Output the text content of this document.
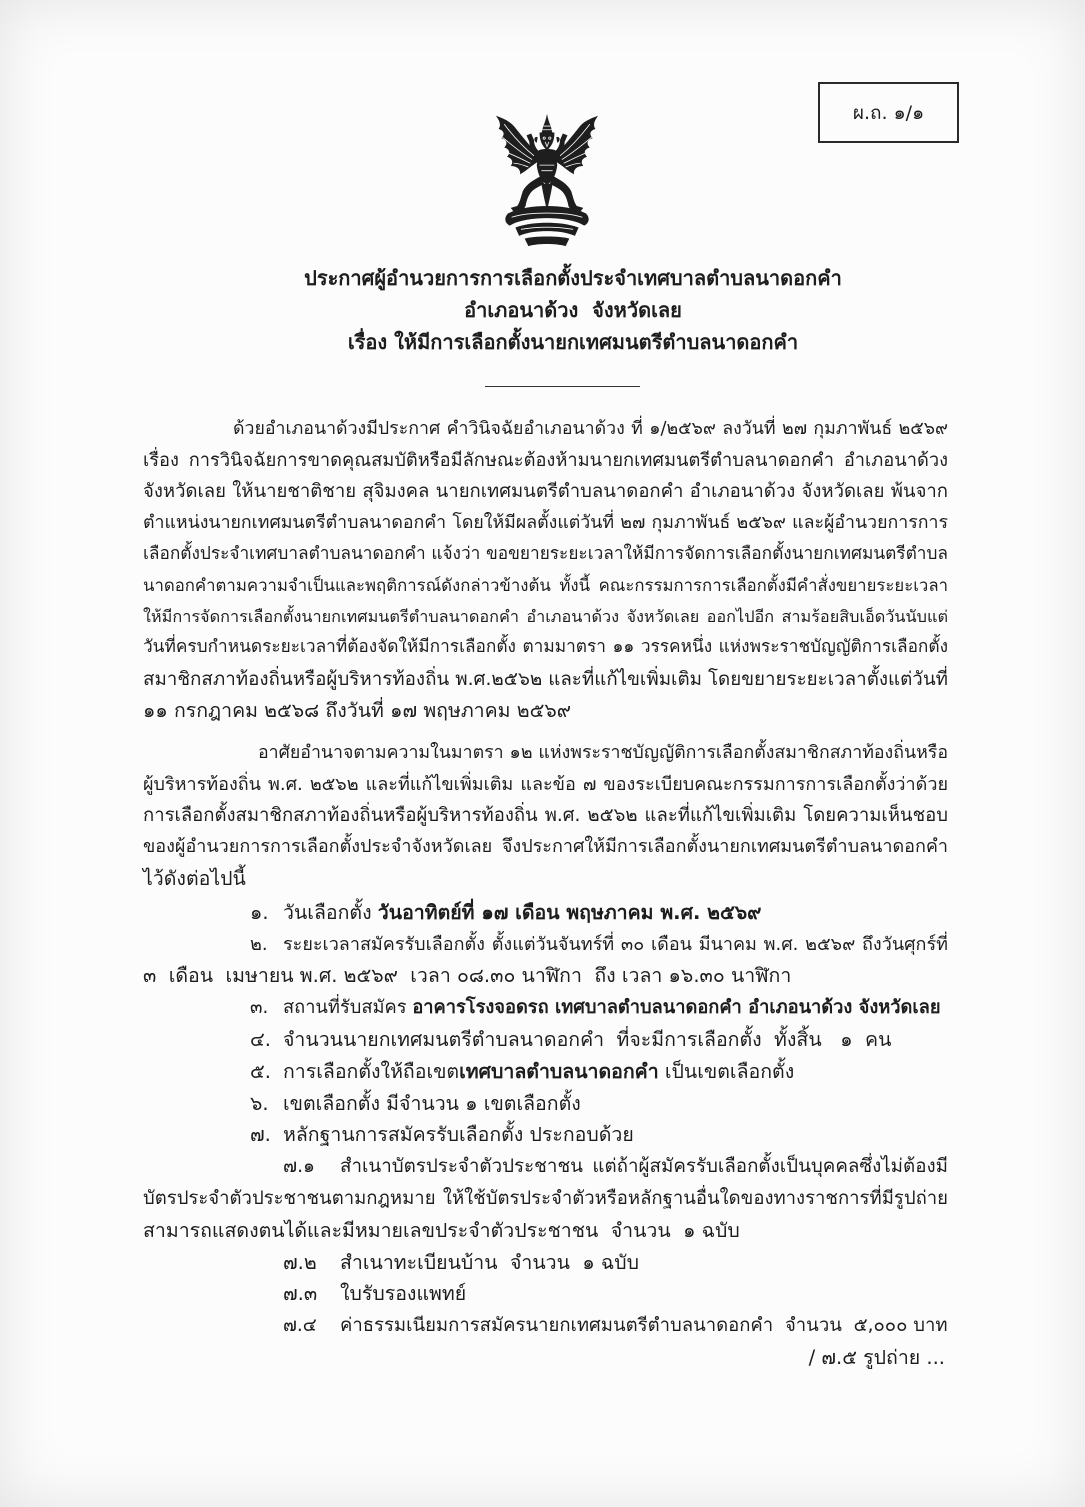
ผ.ถ. ๑/๑
ประกาศผู้อำนวยการการเลือกตั้งประจำเทศบาลตำบลนาดอกคำ
อำเภอนาด้วง  จังหวัดเลย
เรื่อง ให้มีการเลือกตั้งนายกเทศมนตรีตำบลนาดอกคำ
ด้วยอำเภอนาด้วงมีประกาศ คำวินิจฉัยอำเภอนาด้วง ที่ ๑/๒๕๖๙ ลงวันที่ ๒๗ กุมภาพันธ์ ๒๕๖๙
เรื่อง การวินิจฉัยการขาดคุณสมบัติหรือมีลักษณะต้องห้ามนายกเทศมนตรีตำบลนาดอกคำ อำเภอนาด้วง
จังหวัดเลย ให้นายชาติชาย สุจิมงคล นายกเทศมนตรีตำบลนาดอกคำ อำเภอนาด้วง จังหวัดเลย พ้นจาก
ตำแหน่งนายกเทศมนตรีตำบลนาดอกคำ โดยให้มีผลตั้งแต่วันที่ ๒๗ กุมภาพันธ์ ๒๕๖๙ และผู้อำนวยการการ
เลือกตั้งประจำเทศบาลตำบลนาดอกคำ แจ้งว่า ขอขยายระยะเวลาให้มีการจัดการเลือกตั้งนายกเทศมนตรีตำบล
นาดอกคำตามความจำเป็นและพฤติการณ์ดังกล่าวข้างต้น ทั้งนี้ คณะกรรมการการเลือกตั้งมีคำสั่งขยายระยะเวลา
ให้มีการจัดการเลือกตั้งนายกเทศมนตรีตำบลนาดอกคำ อำเภอนาด้วง จังหวัดเลย ออกไปอีก สามร้อยสิบเอ็ดวันนับแต่
วันที่ครบกำหนดระยะเวลาที่ต้องจัดให้มีการเลือกตั้ง ตามมาตรา ๑๑ วรรคหนึ่ง แห่งพระราชบัญญัติการเลือกตั้ง
สมาชิกสภาท้องถิ่นหรือผู้บริหารท้องถิ่น พ.ศ.๒๕๖๒ และที่แก้ไขเพิ่มเติม โดยขยายระยะเวลาตั้งแต่วันที่
๑๑ กรกฎาคม ๒๕๖๘ ถึงวันที่ ๑๗ พฤษภาคม ๒๕๖๙
อาศัยอำนาจตามความในมาตรา ๑๒ แห่งพระราชบัญญัติการเลือกตั้งสมาชิกสภาท้องถิ่นหรือ
ผู้บริหารท้องถิ่น พ.ศ. ๒๕๖๒ และที่แก้ไขเพิ่มเติม และข้อ ๗ ของระเบียบคณะกรรมการการเลือกตั้งว่าด้วย
การเลือกตั้งสมาชิกสภาท้องถิ่นหรือผู้บริหารท้องถิ่น พ.ศ. ๒๕๖๒ และที่แก้ไขเพิ่มเติม โดยความเห็นชอบ
ของผู้อำนวยการการเลือกตั้งประจำจังหวัดเลย จึงประกาศให้มีการเลือกตั้งนายกเทศมนตรีตำบลนาดอกคำ
ไว้ดังต่อไปนี้
๑. วันเลือกตั้ง วันอาทิตย์ที่ ๑๗ เดือน พฤษภาคม พ.ศ. ๒๕๖๙
๒. ระยะเวลาสมัครรับเลือกตั้ง ตั้งแต่วันจันทร์ที่ ๓๐ เดือน มีนาคม พ.ศ. ๒๕๖๙ ถึงวันศุกร์ที่
๓  เดือน  เมษายน พ.ศ. ๒๕๖๙  เวลา ๐๘.๓๐ นาฬิกา  ถึง เวลา ๑๖.๓๐ นาฬิกา
๓. สถานที่รับสมัคร อาคารโรงจอดรถ เทศบาลตำบลนาดอกคำ อำเภอนาด้วง จังหวัดเลย
๔. จำนวนนายกเทศมนตรีตำบลนาดอกคำ  ที่จะมีการเลือกตั้ง  ทั้งสิ้น   ๑  คน
๕. การเลือกตั้งให้ถือเขตเทศบาลตำบลนาดอกคำ เป็นเขตเลือกตั้ง
๖. เขตเลือกตั้ง มีจำนวน ๑ เขตเลือกตั้ง
๗. หลักฐานการสมัครรับเลือกตั้ง ประกอบด้วย
๗.๑ สำเนาบัตรประจำตัวประชาชน แต่ถ้าผู้สมัครรับเลือกตั้งเป็นบุคคลซึ่งไม่ต้องมี
บัตรประจำตัวประชาชนตามกฎหมาย ให้ใช้บัตรประจำตัวหรือหลักฐานอื่นใดของทางราชการที่มีรูปถ่าย
สามารถแสดงตนได้และมีหมายเลขประจำตัวประชาชน  จำนวน  ๑ ฉบับ
๗.๒ สำเนาทะเบียนบ้าน  จำนวน  ๑ ฉบับ
๗.๓ ใบรับรองแพทย์
๗.๔ ค่าธรรมเนียมการสมัครนายกเทศมนตรีตำบลนาดอกคำ  จำนวน  ๕,๐๐๐ บาท
/ ๗.๕ รูปถ่าย ...
